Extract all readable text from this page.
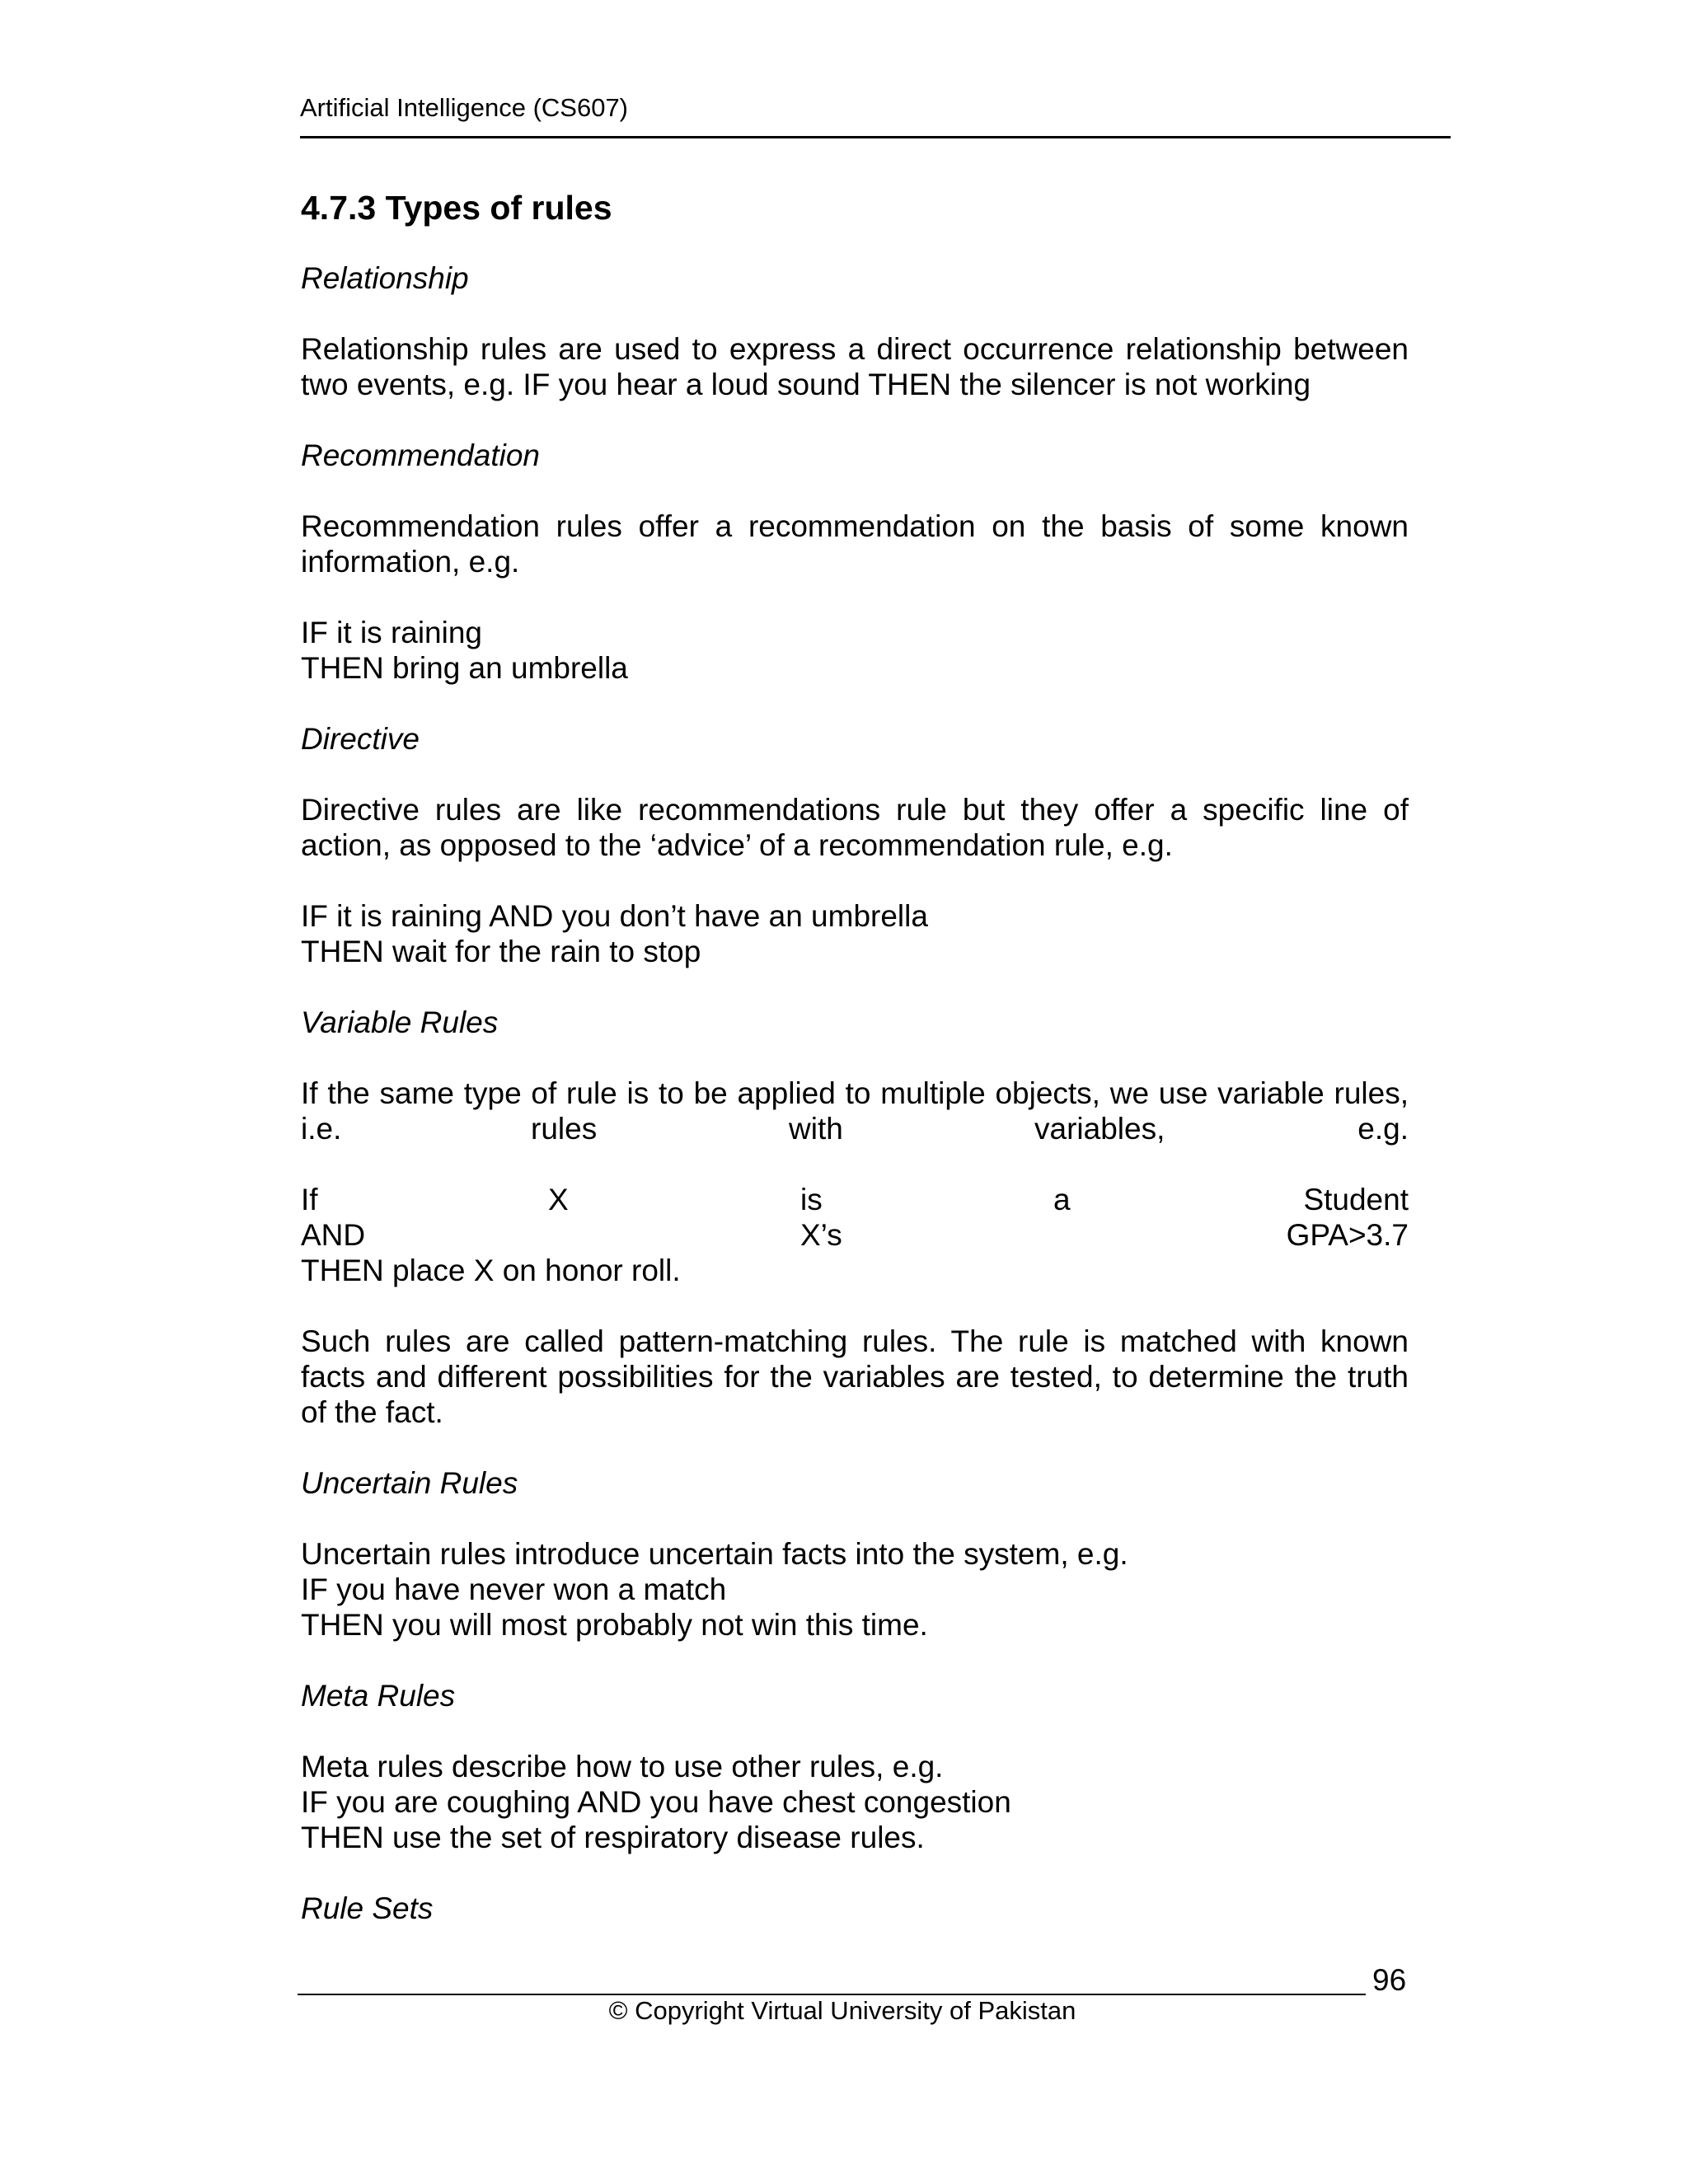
Artificial Intelligence (CS607)
4.7.3 Types of rules

Relationship

Relationship rules are used to express a direct occurrence relationship between
two events, e.g. IF you hear a loud sound THEN the silencer is not working

Recommendation

Recommendation rules offer a recommendation on the basis of some known
information, e.g.

IF it is raining
THEN bring an umbrella

Directive

Directive rules are like recommendations rule but they offer a specific line of
action, as opposed to the ‘advice’ of a recommendation rule, e.g.

IF it is raining AND you don’t have an umbrella
THEN wait for the rain to stop

Variable Rules

If the same type of rule is to be applied to multiple objects, we use variable rules,
i.e.	rules	with	variables,	e.g.
If	X	is	a	Student
AND	X’s	GPA>3.7
THEN place X on honor roll.

Such rules are called pattern-matching rules. The rule is matched with known
facts and different possibilities for the variables are tested, to determine the truth
of the fact.

Uncertain Rules

Uncertain rules introduce uncertain facts into the system, e.g.
IF you have never won a match
THEN you will most probably not win this time.

Meta Rules

Meta rules describe how to use other rules, e.g.
IF you are coughing AND you have chest congestion
THEN use the set of respiratory disease rules.

Rule Sets

96
© Copyright Virtual University of Pakistan
